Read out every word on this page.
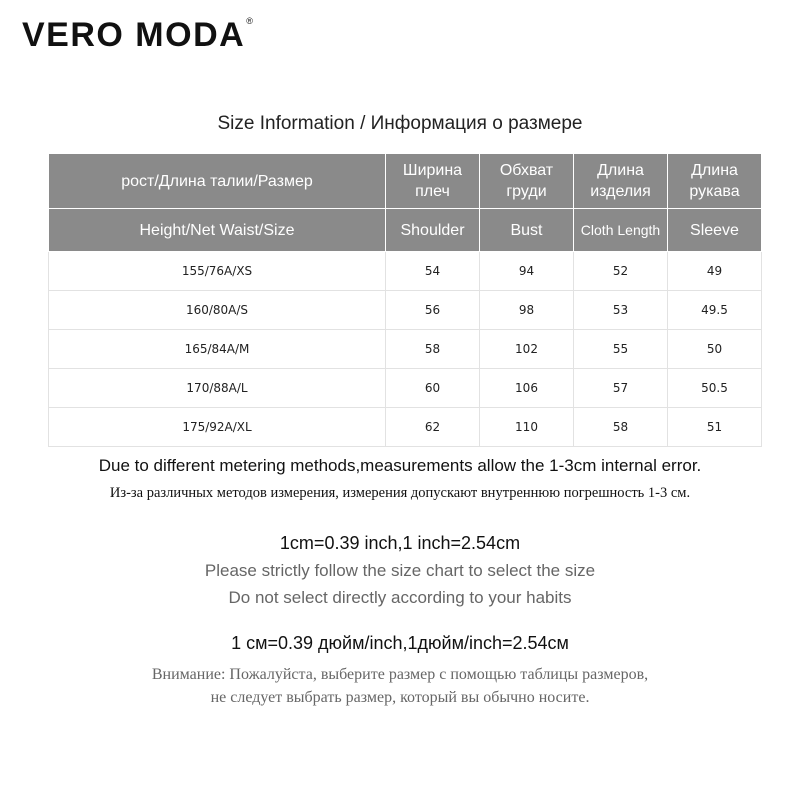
VERO MODA®
Size Information / Информация о размере
рост/Длина талии/Размер	Ширина плеч	Обхват груди	Длина изделия	Длина рукава
Height/Net Waist/Size	Shoulder	Bust	Cloth Length	Sleeve
155/76A/XS	54	94	52	49
160/80A/S	56	98	53	49.5
165/84A/M	58	102	55	50
170/88A/L	60	106	57	50.5
175/92A/XL	62	110	58	51
Due to different metering methods,measurements allow the 1-3cm internal error.
Из-за различных методов измерения, измерения допускают внутреннюю погрешность 1-3 см.
1cm=0.39 inch,1 inch=2.54cm
Please strictly follow the size chart to select the size
Do not select directly according to your habits
1 см=0.39 дюйм/inch,1дюйм/inch=2.54см
Внимание: Пожалуйста, выберите размер с помощью таблицы размеров,
не следует выбрать размер, который вы обычно носите.
